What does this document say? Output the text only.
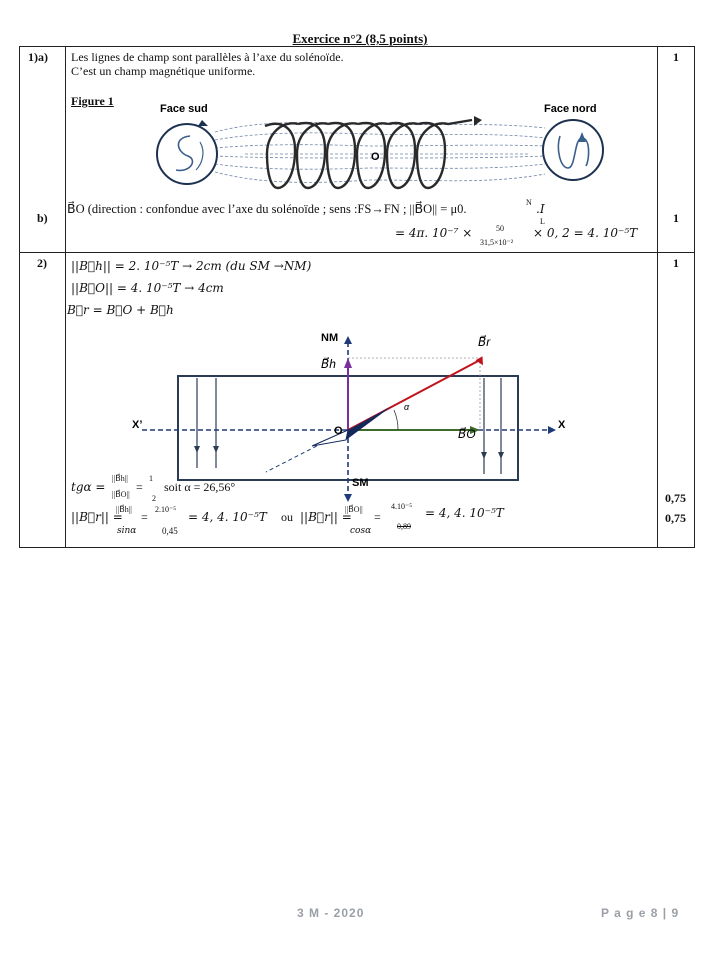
Exercice n°2 (8,5 points)
1)a) Les lignes de champ sont parallèles à l’axe du solénoïde.
C’est un champ magnétique uniforme.
1
Figure 1
Face sud	Face nord
O
b)	1
B⃗O (direction : confondue avec l’axe du solénoïde ; sens :FS→FN ; ||B⃗O|| = μ0.	N .I
L
= 4π. 10⁻⁷ ×	50
31,5×10⁻²
× 0, 2 = 4. 10⁻⁵T
2)	1
||B⃗h|| = 2. 10⁻⁵T → 2cm (du SM →NM)
||B⃗O|| = 4. 10⁻⁵T → 4cm
B⃗r = B⃗O + B⃗h
NM
SM
X
X’	O
α
B⃗h
B⃗r
B⃗O
tgα =
||B⃗h||
||B⃗O||
=
1
2
soit α = 26,56°
||B⃗r|| =
||B⃗h||
sinα
=
2.10⁻⁵
0,45
= 4, 4. 10⁻⁵T ou ||B⃗r|| =
||B⃗O||
cosα
=
4.10⁻⁵
0,89
= 4, 4. 10⁻⁵T
0,75
0,75
3 M - 2020	P a g e 8 | 9
